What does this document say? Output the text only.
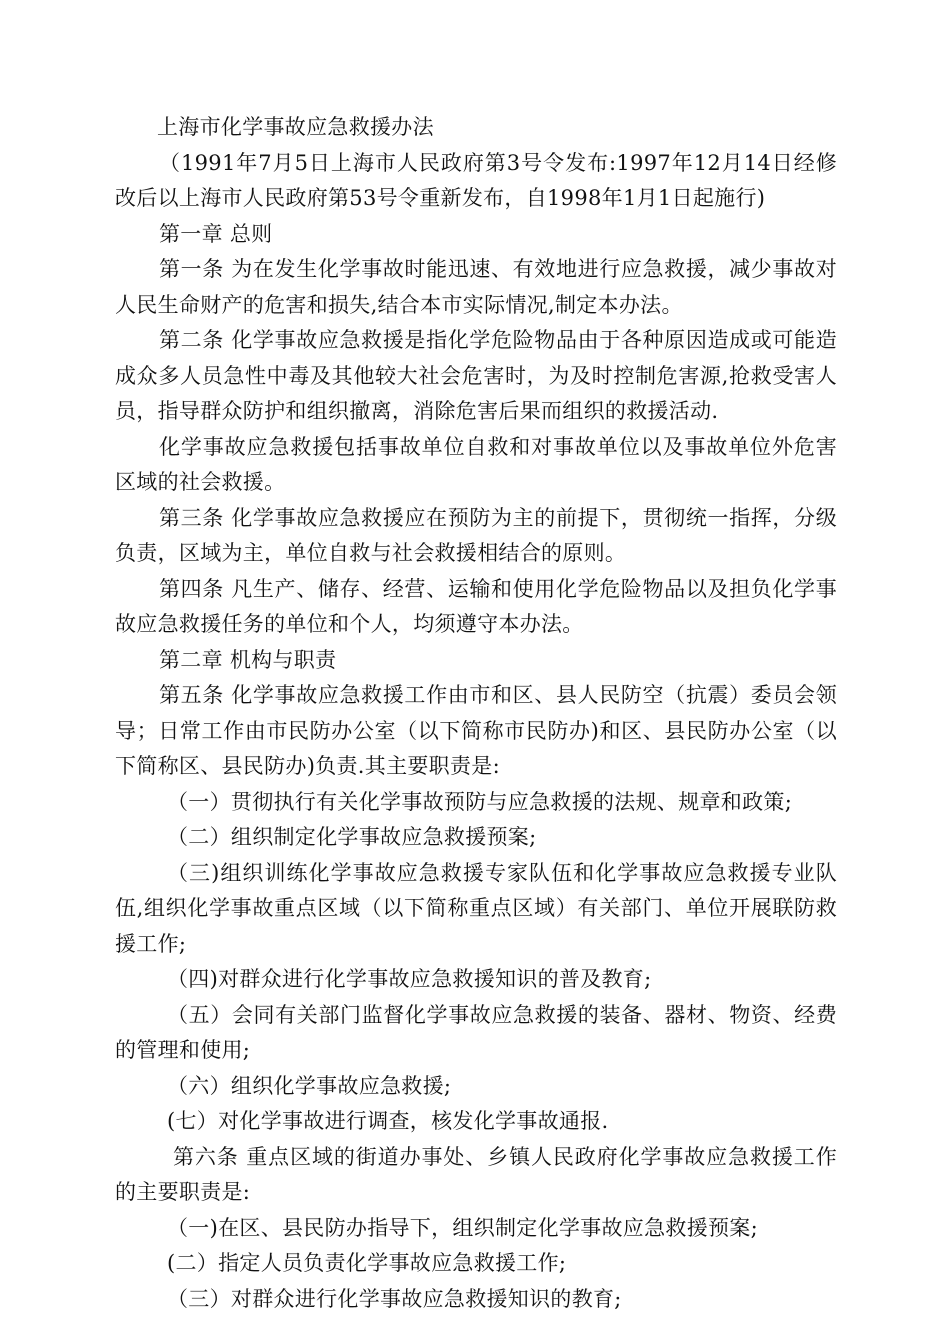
上海市化学事故应急救援办法

（1991年7月5日上海市人民政府第3号令发布:1997年12月14日经修改后以上海市人民政府第53号令重新发布，自1998年1月1日起施行)

第一章 总则

第一条 为在发生化学事故时能迅速、有效地进行应急救援，减少事故对人民生命财产的危害和损失,结合本市实际情况,制定本办法。

第二条 化学事故应急救援是指化学危险物品由于各种原因造成或可能造成众多人员急性中毒及其他较大社会危害时，为及时控制危害源,抢救受害人员，指导群众防护和组织撤离，消除危害后果而组织的救援活动.

化学事故应急救援包括事故单位自救和对事故单位以及事故单位外危害区域的社会救援。

第三条 化学事故应急救援应在预防为主的前提下，贯彻统一指挥，分级负责，区域为主，单位自救与社会救援相结合的原则。

第四条 凡生产、储存、经营、运输和使用化学危险物品以及担负化学事故应急救援任务的单位和个人，均须遵守本办法。

第二章 机构与职责

第五条 化学事故应急救援工作由市和区、县人民防空（抗震）委员会领导；日常工作由市民防办公室（以下简称市民防办)和区、县民防办公室（以下简称区、县民防办)负责.其主要职责是:

（一）贯彻执行有关化学事故预防与应急救援的法规、规章和政策;

（二）组织制定化学事故应急救援预案;

（三)组织训练化学事故应急救援专家队伍和化学事故应急救援专业队伍,组织化学事故重点区域（以下简称重点区域）有关部门、单位开展联防救援工作;

（四)对群众进行化学事故应急救援知识的普及教育;

（五）会同有关部门监督化学事故应急救援的装备、器材、物资、经费的管理和使用;

（六）组织化学事故应急救援;

(七）对化学事故进行调查，核发化学事故通报.

第六条 重点区域的街道办事处、乡镇人民政府化学事故应急救援工作的主要职责是:

（一)在区、县民防办指导下，组织制定化学事故应急救援预案;

(二）指定人员负责化学事故应急救援工作;

（三）对群众进行化学事故应急救援知识的教育;
